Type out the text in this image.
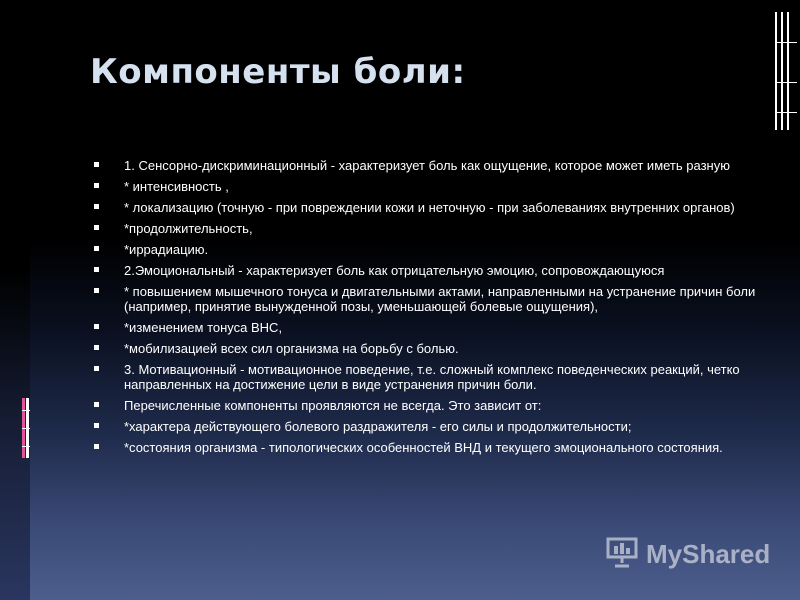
Компоненты боли:
1. Сенсорно-дискриминационный - характеризует боль как ощущение, которое может иметь разную
* интенсивность ,
* локализацию (точную - при повреждении кожи и неточную - при заболеваниях внутренних органов)
*продолжительность,
*иррадиацию.
2.Эмоциональный - характеризует боль как отрицательную эмоцию, сопровождающуюся
* повышением мышечного тонуса и двигательными актами, направленными на устранение причин боли (например, принятие вынужденной позы, уменьшающей болевые ощущения),
*изменением тонуса ВНС,
*мобилизацией всех сил организма на борьбу с болью.
3. Мотивационный - мотивационное поведение, т.е. сложный комплекс поведенческих реакций, четко направленных на достижение цели в виде устранения причин боли.
Перечисленные компоненты проявляются не всегда. Это зависит от:
*характера действующего болевого раздражителя - его силы и продолжительности;
*состояния организма - типологических особенностей ВНД и текущего эмоционального состояния.
MyShared
